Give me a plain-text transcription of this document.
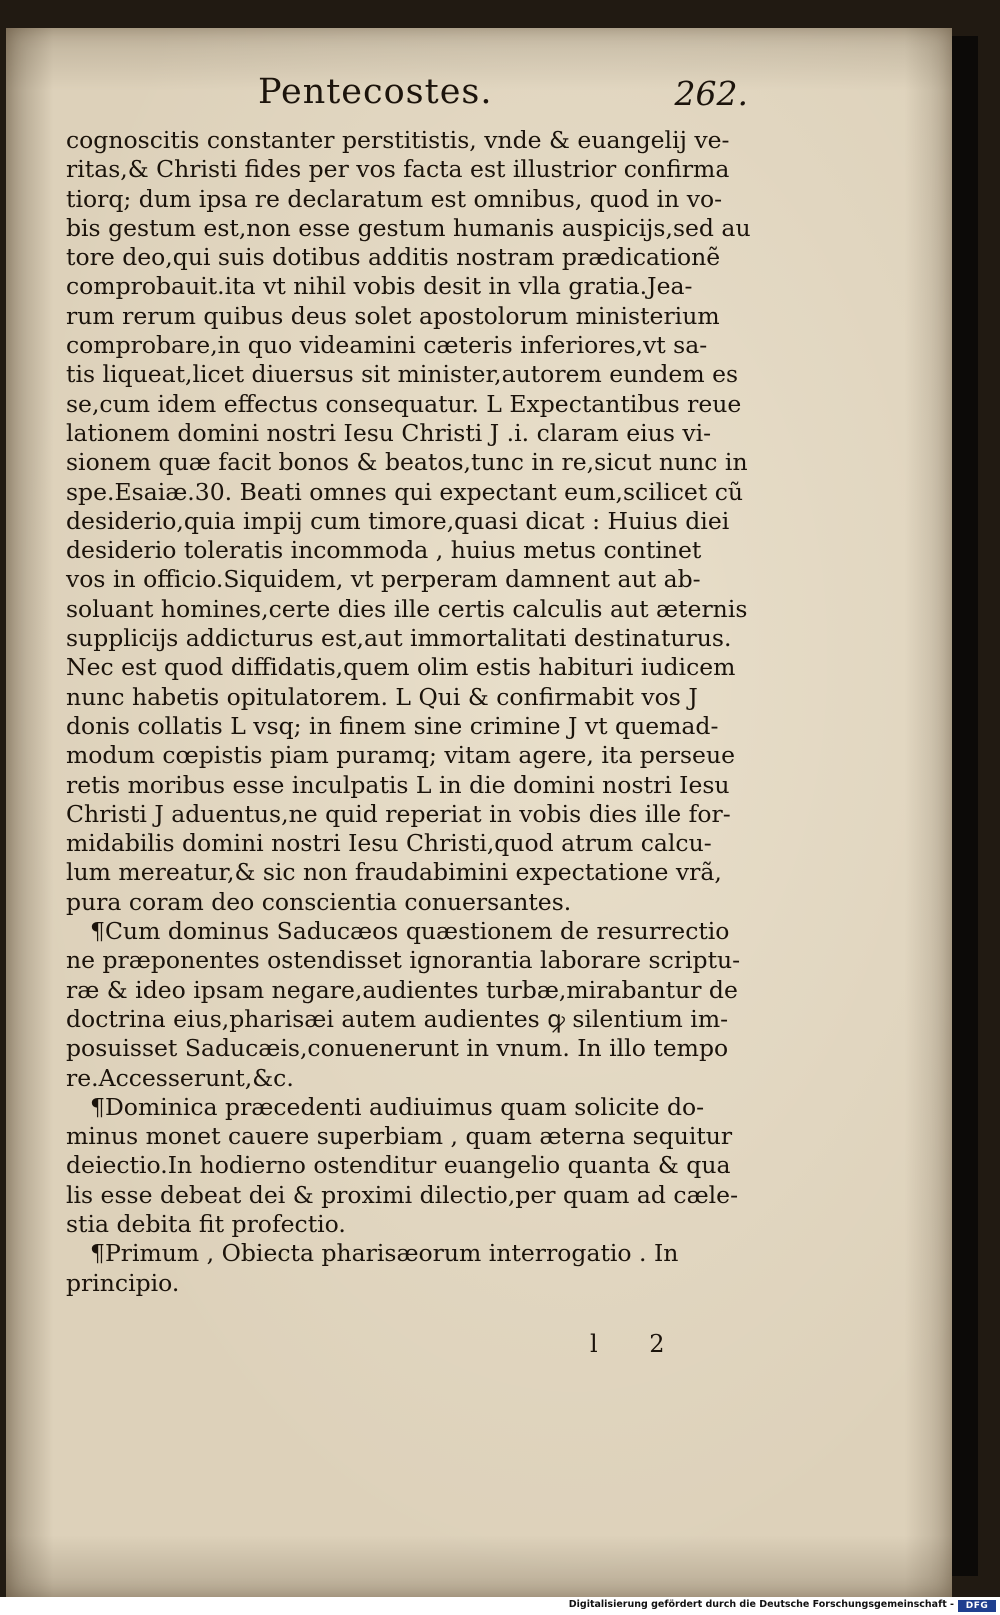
Pentecostes.	262.
cognoscitis constanter perstitistis, vnde & euangelij ve-
ritas,& Christi fides per vos facta est illustrior confirma
tiorq; dum ipsa re declaratum est omnibus, quod in vo-
bis gestum est,non esse gestum humanis auspicijs,sed au
tore deo,qui suis dotibus additis nostram prædicationẽ
comprobauit.ita vt nihil vobis desit in vlla gratia.Jea-
rum rerum quibus deus solet apostolorum ministerium
comprobare,in quo videamini cæteris inferiores,vt sa-
tis liqueat,licet diuersus sit minister,autorem eundem es
se,cum idem effectus consequatur. L Expectantibus reue
lationem domini nostri Iesu Christi J .i. claram eius vi-
sionem quæ facit bonos & beatos,tunc in re,sicut nunc in
spe.Esaiæ.30. Beati omnes qui expectant eum,scilicet cũ
desiderio,quia impij cum timore,quasi dicat : Huius diei
desiderio toleratis incommoda , huius metus continet
vos in officio.Siquidem, vt perperam damnent aut ab-
soluant homines,certe dies ille certis calculis aut æternis
supplicijs addicturus est,aut immortalitati destinaturus.
Nec est quod diffidatis,quem olim estis habituri iudicem
nunc habetis opitulatorem. L Qui & confirmabit vos J
donis collatis L vsq; in finem sine crimine J vt quemad-
modum cœpistis piam puramq; vitam agere, ita perseue
retis moribus esse inculpatis L in die domini nostri Iesu
Christi J aduentus,ne quid reperiat in vobis dies ille for-
midabilis domini nostri Iesu Christi,quod atrum calcu-
lum mereatur,& sic non fraudabimini expectatione vrã,
pura coram deo conscientia conuersantes.
¶Cum dominus Saducæos quæstionem de resurrectio
ne præponentes ostendisset ignorantia laborare scriptu-
ræ & ideo ipsam negare,audientes turbæ,mirabantur de
doctrina eius,pharisæi autem audientes ꝙ silentium im-
posuisset Saducæis,conuenerunt in vnum. In illo tempo
re.Accesserunt,&c.
¶Dominica præcedenti audiuimus quam solicite do-
minus monet cauere superbiam , quam æterna sequitur
deiectio.In hodierno ostenditur euangelio quanta & qua
lis esse debeat dei & proximi dilectio,per quam ad cæle-
stia debita fit profectio.
¶Primum , Obiecta pharisæorum interrogatio . In
principio.
l 2
Digitalisierung gefördert durch die Deutsche Forschungsgemeinschaft -	DFG
